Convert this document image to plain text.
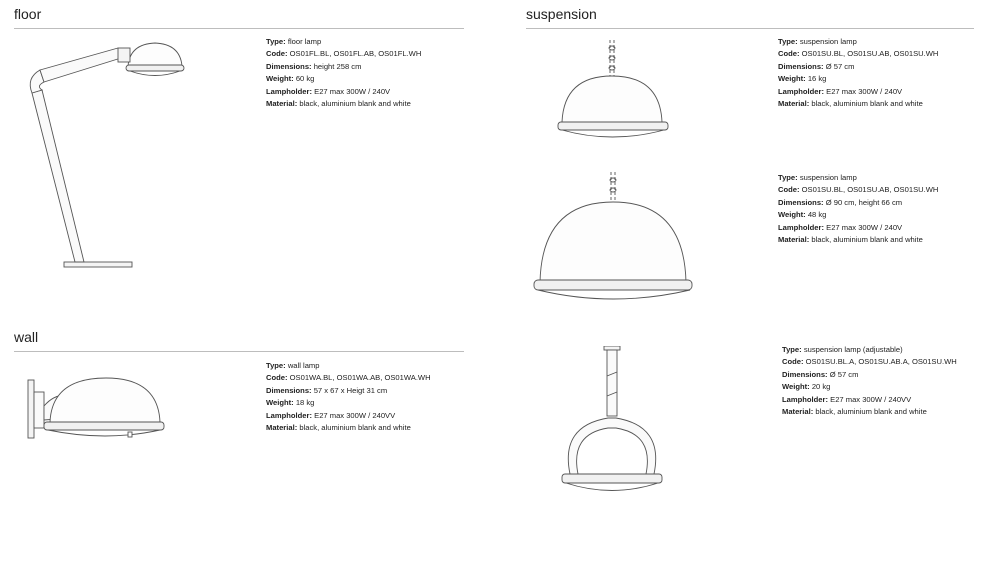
floor	suspension
wall
Type: floor lamp
Code: OS01FL.BL, OS01FL.AB, OS01FL.WH
Dimensions: height 258 cm
Weight: 60 kg
Lampholder: E27 max 300W / 240V
Material: black, aluminium blank and white
Type: wall lamp
Code: OS01WA.BL, OS01WA.AB, OS01WA.WH
Dimensions: 57 x 67 x Heigt 31 cm
Weight: 18 kg
Lampholder: E27 max 300W / 240VV
Material: black, aluminium blank and white
Type: suspension lamp
Code: OS01SU.BL, OS01SU.AB, OS01SU.WH
Dimensions: Ø 57 cm
Weight: 16 kg
Lampholder: E27 max 300W / 240V
Material: black, aluminium blank and white
Type: suspension lamp
Code: OS01SU.BL, OS01SU.AB, OS01SU.WH
Dimensions: Ø 90 cm, height 66 cm
Weight: 48 kg
Lampholder: E27 max 300W / 240V
Material: black, aluminium blank and white
Type: suspension lamp (adjustable)
Code: OS01SU.BL.A, OS01SU.AB.A, OS01SU.WH
Dimensions: Ø 57 cm
Weight: 20 kg
Lampholder: E27 max 300W / 240VV
Material: black, aluminium blank and white
